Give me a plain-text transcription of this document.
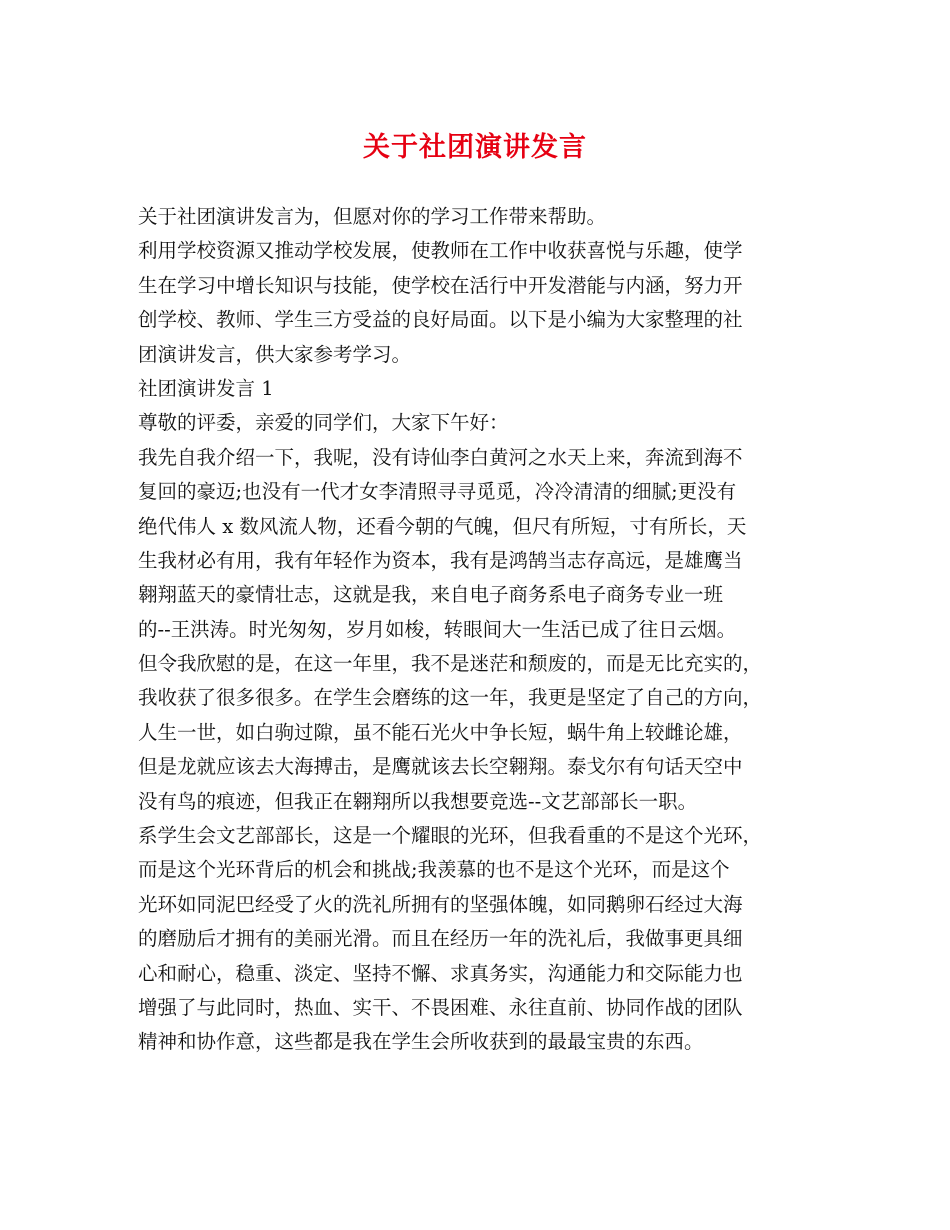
关于社团演讲发言
关于社团演讲发言为，但愿对你的学习工作带来帮助。
利用学校资源又推动学校发展，使教师在工作中收获喜悦与乐趣，使学
生在学习中增长知识与技能，使学校在活行中开发潜能与内涵，努力开
创学校、教师、学生三方受益的良好局面。以下是小编为大家整理的社
团演讲发言，供大家参考学习。
社团演讲发言 1
尊敬的评委，亲爱的同学们，大家下午好：
我先自我介绍一下，我呢，没有诗仙李白黄河之水天上来，奔流到海不
复回的豪迈;也没有一代才女李清照寻寻觅觅，冷冷清清的细腻;更没有
绝代伟人 x 数风流人物，还看今朝的气魄，但尺有所短，寸有所长，天
生我材必有用，我有年轻作为资本，我有是鸿鹄当志存高远，是雄鹰当
翱翔蓝天的豪情壮志，这就是我，来自电子商务系电子商务专业一班
的--王洪涛。时光匆匆，岁月如梭，转眼间大一生活已成了往日云烟。
但令我欣慰的是，在这一年里，我不是迷茫和颓废的，而是无比充实的，
我收获了很多很多。在学生会磨练的这一年，我更是坚定了自己的方向，
人生一世，如白驹过隙，虽不能石光火中争长短，蜗牛角上较雌论雄，
但是龙就应该去大海搏击，是鹰就该去长空翱翔。泰戈尔有句话天空中
没有鸟的痕迹，但我正在翱翔所以我想要竞选--文艺部部长一职。
系学生会文艺部部长，这是一个耀眼的光环，但我看重的不是这个光环，
而是这个光环背后的机会和挑战;我羡慕的也不是这个光环，而是这个
光环如同泥巴经受了火的洗礼所拥有的坚强体魄，如同鹅卵石经过大海
的磨励后才拥有的美丽光滑。而且在经历一年的洗礼后，我做事更具细
心和耐心，稳重、淡定、坚持不懈、求真务实，沟通能力和交际能力也
增强了与此同时，热血、实干、不畏困难、永往直前、协同作战的团队
精神和协作意，这些都是我在学生会所收获到的最最宝贵的东西。
